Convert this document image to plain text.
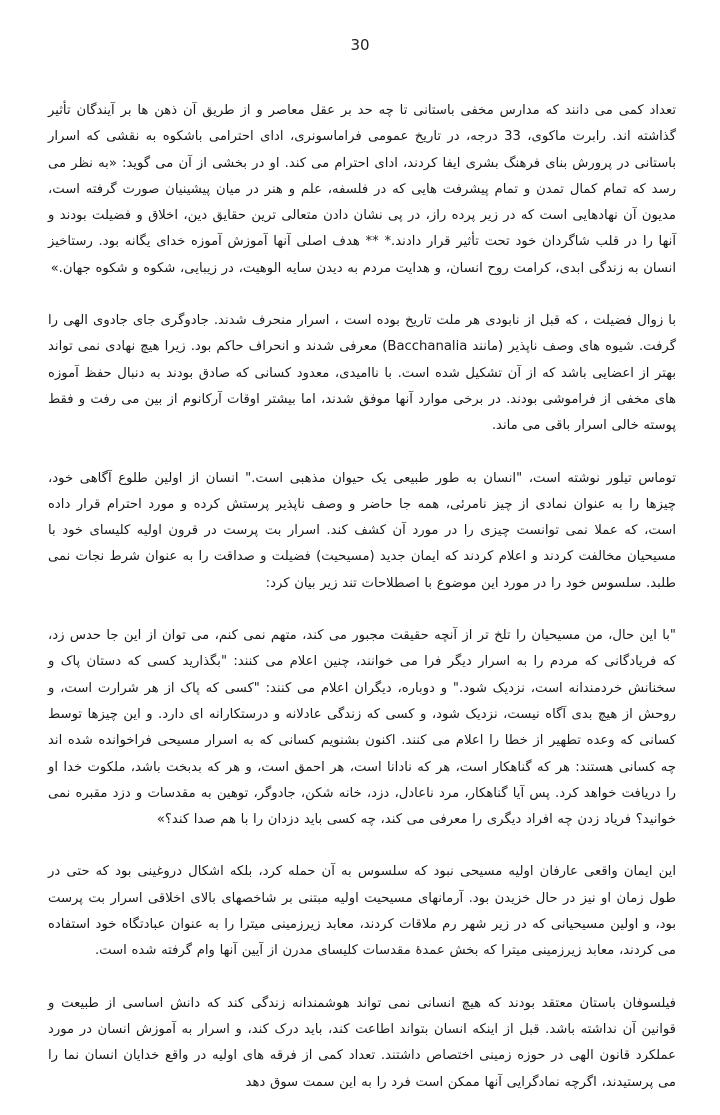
30

تعداد کمی می دانند که مدارس مخفی باستانی تا چه حد بر عقل معاصر و از طریق آن ذهن ها بر آیندگان تأثیر گذاشته اند. رابرت ماکوی، 33 درجه، در تاریخ عمومی فراماسونری، ادای احترامی باشکوه به نقشی که اسرار باستانی در پرورش بنای فرهنگ بشری ایفا کردند، ادای احترام می کند. او در بخشی از آن می گوید: «به نظر می رسد که تمام کمال تمدن و تمام پیشرفت هایی که در فلسفه، علم و هنر در میان پیشینیان صورت گرفته است، مدیون آن نهادهایی است که در زیر پرده راز، در پی نشان دادن متعالی ترین حقایق دین، اخلاق و فضیلت بودند و آنها را در قلب شاگردان خود تحت تأثیر قرار دادند.* ** هدف اصلی آنها آموزش آموزه خدای یگانه بود. رستاخیز انسان به زندگی ابدی، کرامت روح انسان، و هدایت مردم به دیدن سایه الوهیت، در زیبایی، شکوه و شکوه جهان.»

با زوال فضیلت ، که قبل از نابودی هر ملت تاریخ بوده است ، اسرار منحرف شدند. جادوگری جای جادوی الهی را گرفت. شیوه های وصف ناپذیر (مانند Bacchanalia) معرفی شدند و انحراف حاکم بود. زیرا هیچ نهادی نمی تواند بهتر از اعضایی باشد که از آن تشکیل شده است. با ناامیدی، معدود کسانی که صادق بودند به دنبال حفظ آموزه های مخفی از فراموشی بودند. در برخی موارد آنها موفق شدند، اما بیشتر اوقات آرکانوم از بین می رفت و فقط پوسته خالی اسرار باقی می ماند.

توماس تیلور نوشته است، "انسان به طور طبیعی یک حیوان مذهبی است." انسان از اولین طلوع آگاهی خود، چیزها را به عنوان نمادی از چیز نامرئی، همه جا حاضر و وصف ناپذیر پرستش کرده و مورد احترام قرار داده است، که عملا نمی توانست چیزی را در مورد آن کشف کند. اسرار بت پرست در قرون اولیه کلیسای خود با مسیحیان مخالفت کردند و اعلام کردند که ایمان جدید (مسیحیت) فضیلت و صداقت را به عنوان شرط نجات نمی طلبد. سلسوس خود را در مورد این موضوع با اصطلاحات تند زیر بیان کرد:

"با این حال، من مسیحیان را تلخ تر از آنچه حقیقت مجبور می کند، متهم نمی کنم، می توان از این جا حدس زد، که فریادگانی که مردم را به اسرار دیگر فرا می خوانند، چنین اعلام می کنند: "بگذارید کسی که دستان پاک و سخنانش خردمندانه است، نزدیک شود." و دوباره، دیگران اعلام می کنند: "کسی که پاک از هر شرارت است، و روحش از هیچ بدی آگاه نیست، نزدیک شود، و کسی که زندگی عادلانه و درستکارانه ای دارد. و این چیزها توسط کسانی که وعده تطهیر از خطا را اعلام می کنند. اکنون بشنویم کسانی که به اسرار مسیحی فراخوانده شده اند چه کسانی هستند: هر که گناهکار است، هر که نادانا است، هر احمق است، و هر که بدبخت باشد، ملکوت خدا او را دریافت خواهد کرد. پس آیا گناهکار، مرد ناعادل، دزد، خانه شکن، جادوگر، توهین به مقدسات و دزد مقبره نمی خوانید؟ فریاد زدن چه افراد دیگری را معرفی می کند، چه کسی باید دزدان را با هم صدا کند؟»

این ایمان واقعی عارفان اولیه مسیحی نبود که سلسوس به آن حمله کرد، بلکه اشکال دروغینی بود که حتی در طول زمان او نیز در حال خزیدن بود. آرمانهای مسیحیت اولیه مبتنی بر شاخصهای بالای اخلاقی اسرار بت پرست بود، و اولین مسیحیانی که در زیر شهر رم ملاقات کردند، معابد زیرزمینی میترا را به عنوان عبادتگاه خود استفاده می کردند، معابد زیرزمینی میترا که بخش عمدۀ مقدسات کلیسای مدرن از آیین آنها وام گرفته شده است.

فیلسوفان باستان معتقد بودند که هیچ انسانی نمی تواند هوشمندانه زندگی کند که دانش اساسی از طبیعت و قوانین آن نداشته باشد. قبل از اینکه انسان بتواند اطاعت کند، باید درک کند، و اسرار به آموزش انسان در مورد عملکرد قانون الهی در حوزه زمینی اختصاص داشتند. تعداد کمی از فرقه های اولیه در واقع خدایان انسان نما را می پرستیدند، اگرچه نمادگرایی آنها ممکن است فرد را به این سمت سوق دهد
